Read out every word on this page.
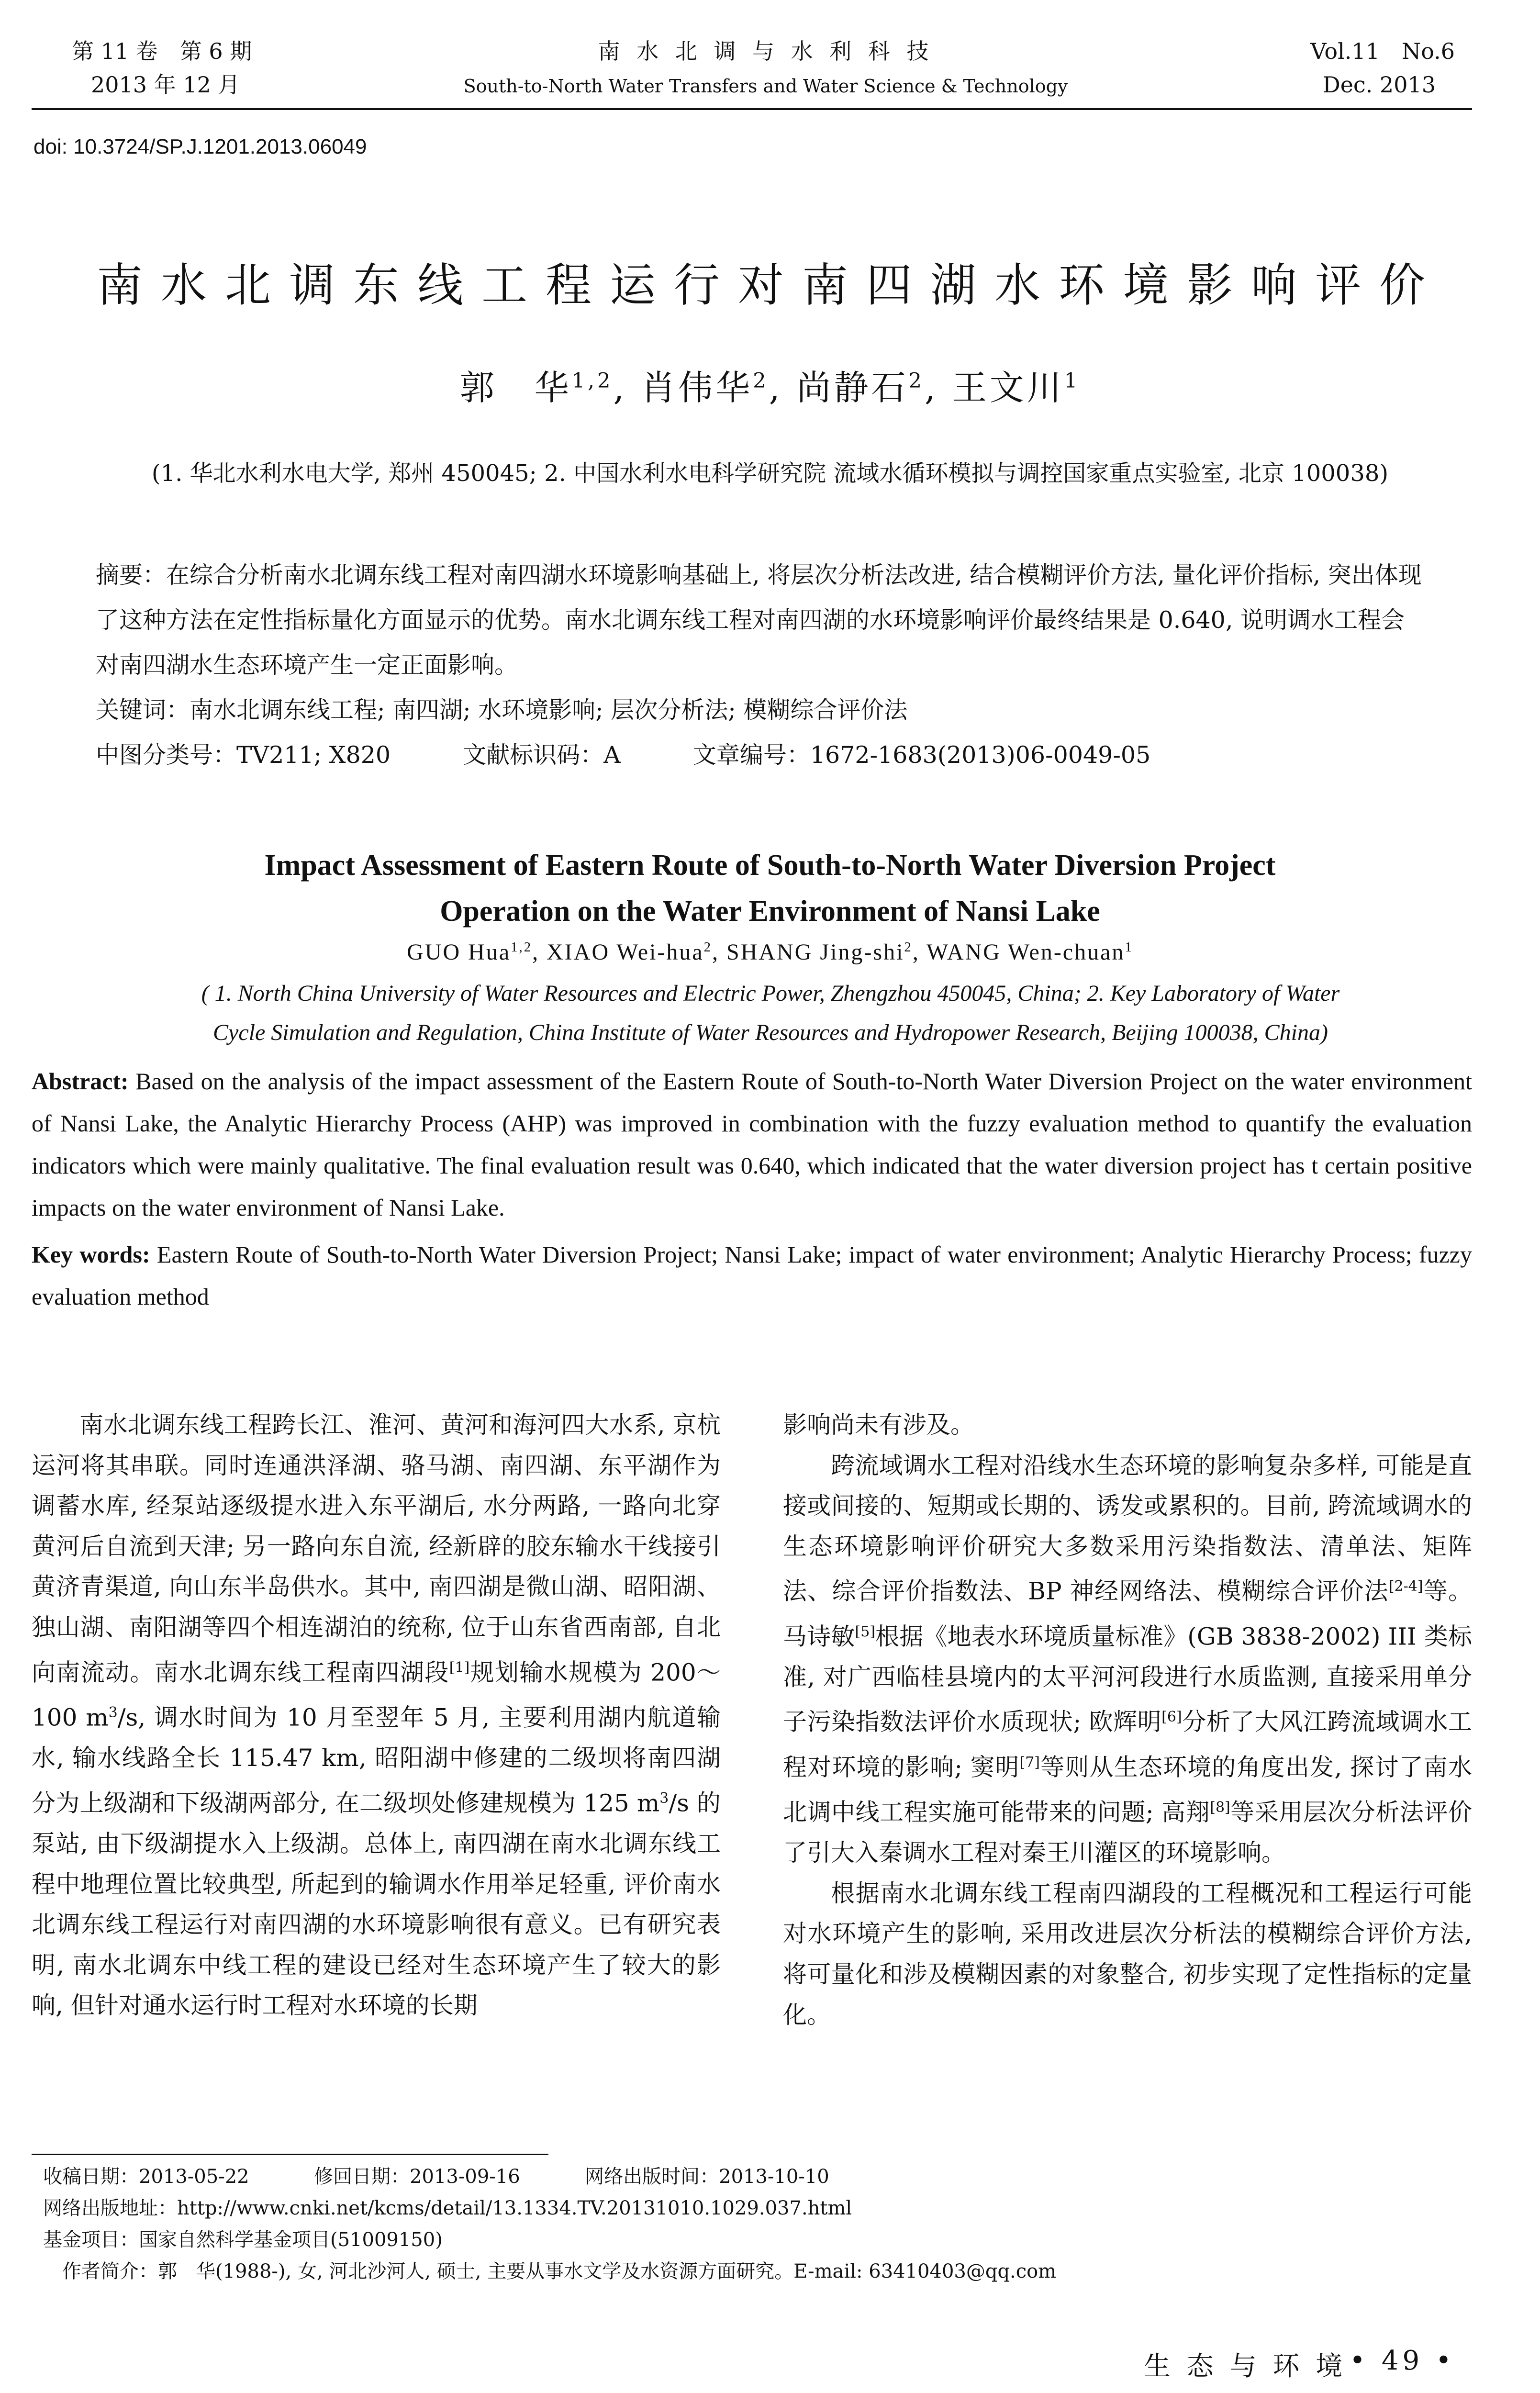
第 11 卷　第 6 期
2013 年 12 月
南 水 北 调 与 水 利 科 技
South-to-North Water Transfers and Water Science & Technology
Vol.11　No.6
Dec. 2013
doi: 10.3724/SP.J.1201.2013.06049
南水北调东线工程运行对南四湖水环境影响评价
郭　华$^{1,2}$, 肖伟华$^2$, 尚静石$^2$, 王文川$^1$
(1. 华北水利水电大学, 郑州 450045; 2. 中国水利水电科学研究院 流域水循环模拟与调控国家重点实验室, 北京 100038)
摘要：在综合分析南水北调东线工程对南四湖水环境影响基础上, 将层次分析法改进, 结合模糊评价方法, 量化评价指标, 突出体现了这种方法在定性指标量化方面显示的优势。南水北调东线工程对南四湖的水环境影响评价最终结果是 0.640, 说明调水工程会对南四湖水生态环境产生一定正面影响。
关键词：南水北调东线工程; 南四湖; 水环境影响; 层次分析法; 模糊综合评价法
中图分类号：TV211; X820	文献标识码：A	文章编号：1672-1683(2013)06-0049-05
Impact Assessment of Eastern Route of South-to-North Water Diversion Project
Operation on the Water Environment of Nansi Lake
GUO Hua$^{1,2}$, XIAO Wei-hua$^2$, SHANG Jing-shi$^2$, WANG Wen-chuan$^1$
( 1. North China University of Water Resources and Electric Power, Zhengzhou 450045, China; 2. Key Laboratory of Water
Cycle Simulation and Regulation, China Institute of Water Resources and Hydropower Research, Beijing 100038, China)
Abstract: Based on the analysis of the impact assessment of the Eastern Route of South-to-North Water Diversion Project on the water environment of Nansi Lake, the Analytic Hierarchy Process (AHP) was improved in combination with the fuzzy evaluation method to quantify the evaluation indicators which were mainly qualitative. The final evaluation result was 0.640, which indicated that the water diversion project has t certain positive impacts on the water environment of Nansi Lake.
Key words: Eastern Route of South-to-North Water Diversion Project; Nansi Lake; impact of water environment; Analytic Hierarchy Process; fuzzy evaluation method

南水北调东线工程跨长江、淮河、黄河和海河四大水系, 京杭运河将其串联。同时连通洪泽湖、骆马湖、南四湖、东平湖作为调蓄水库, 经泵站逐级提水进入东平湖后, 水分两路, 一路向北穿黄河后自流到天津; 另一路向东自流, 经新辟的胶东输水干线接引黄济青渠道, 向山东半岛供水。其中, 南四湖是微山湖、昭阳湖、独山湖、南阳湖等四个相连湖泊的统称, 位于山东省西南部, 自北向南流动。南水北调东线工程南四湖段[1]规划输水规模为 200～100 $m^3/s$, 调水时间为 10 月至翌年 5 月, 主要利用湖内航道输水, 输水线路全长 115.47 km, 昭阳湖中修建的二级坝将南四湖分为上级湖和下级湖两部分, 在二级坝处修建规模为 125 $m^3/s$ 的泵站, 由下级湖提水入上级湖。总体上, 南四湖在南水北调东线工程中地理位置比较典型, 所起到的输调水作用举足轻重, 评价南水北调东线工程运行对南四湖的水环境影响很有意义。已有研究表明, 南水北调东中线工程的建设已经对生态环境产生了较大的影响, 但针对通水运行时工程对水环境的长期

影响尚未有涉及。

跨流域调水工程对沿线水生态环境的影响复杂多样, 可能是直接或间接的、短期或长期的、诱发或累积的。目前, 跨流域调水的生态环境影响评价研究大多数采用污染指数法、清单法、矩阵法、综合评价指数法、BP 神经网络法、模糊综合评价法[2-4]等。马诗敏[5]根据《地表水环境质量标准》(GB 3838-2002) III 类标准, 对广西临桂县境内的太平河河段进行水质监测, 直接采用单分子污染指数法评价水质现状; 欧辉明[6]分析了大风江跨流域调水工程对环境的影响; 窦明[7]等则从生态环境的角度出发, 探讨了南水北调中线工程实施可能带来的问题; 高翔[8]等采用层次分析法评价了引大入秦调水工程对秦王川灌区的环境影响。

根据南水北调东线工程南四湖段的工程概况和工程运行可能对水环境产生的影响, 采用改进层次分析法的模糊综合评价方法, 将可量化和涉及模糊因素的对象整合, 初步实现了定性指标的定量化。

收稿日期：2013-05-22	修回日期：2013-09-16	网络出版时间：2013-10-10
网络出版地址：http://www.cnki.net/kcms/detail/13.1334.TV.20131010.1029.037.html
基金项目：国家自然科学基金项目(51009150)
作者简介：郭　华(1988-), 女, 河北沙河人, 硕士, 主要从事水文学及水资源方面研究。E-mail: 63410403@qq.com
生 态 与 环 境 • 49 •
